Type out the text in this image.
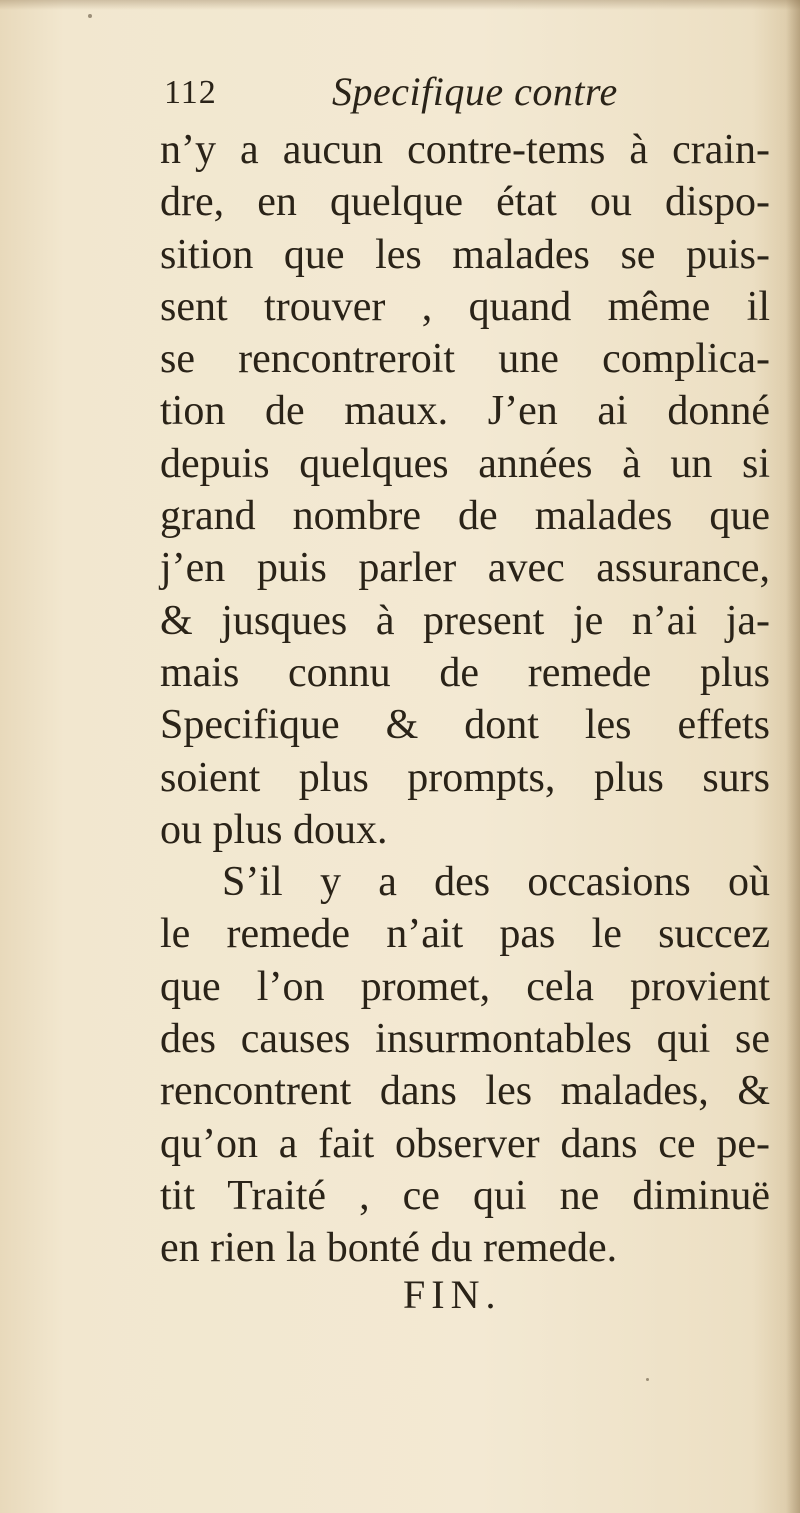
112	Specifique contre
n’y a aucun contre-tems à crain-
dre, en quelque état ou dispo-
sition que les malades se puis-
sent trouver , quand même il
se rencontreroit une complica-
tion de maux. J’en ai donné
depuis quelques années à un si
grand nombre de malades que
j’en puis parler avec assurance,
& jusques à present je n’ai ja-
mais connu de remede plus
Specifique & dont les effets
soient plus prompts, plus surs
ou plus doux.
S’il y a des occasions où
le remede n’ait pas le succez
que l’on promet, cela provient
des causes insurmontables qui se
rencontrent dans les malades, &
qu’on a fait observer dans ce pe-
tit Traité , ce qui ne diminuë
en rien la bonté du remede.
FIN.
